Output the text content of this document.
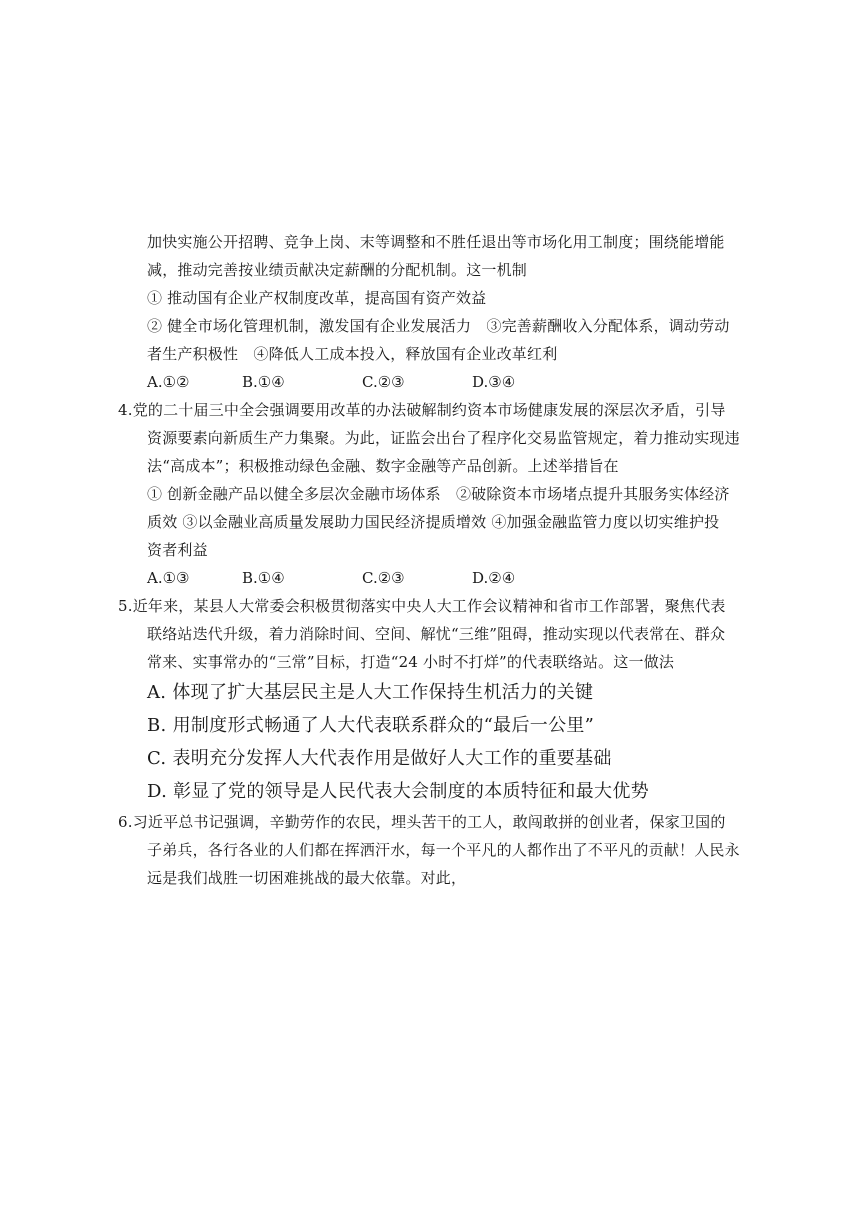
加快实施公开招聘、竞争上岗、末等调整和不胜任退出等市场化用工制度；围绕能增能
减，推动完善按业绩贡献决定薪酬的分配机制。这一机制
① 推动国有企业产权制度改革，提高国有资产效益
② 健全市场化管理机制，激发国有企业发展活力　③完善薪酬收入分配体系，调动劳动
者生产积极性　④降低人工成本投入，释放国有企业改革红利
A.①②	B.①④	C.②③	D.③④
4.党的二十届三中全会强调要用改革的办法破解制约资本市场健康发展的深层次矛盾，引导
资源要素向新质生产力集聚。为此，证监会出台了程序化交易监管规定，着力推动实现违
法“高成本”；积极推动绿色金融、数字金融等产品创新。上述举措旨在
① 创新金融产品以健全多层次金融市场体系　②破除资本市场堵点提升其服务实体经济
质效 ③以金融业高质量发展助力国民经济提质增效 ④加强金融监管力度以切实维护投
资者利益
A.①③	B.①④	C.②③	D.②④
5.近年来，某县人大常委会积极贯彻落实中央人大工作会议精神和省市工作部署，聚焦代表
联络站迭代升级，着力消除时间、空间、解忧“三维”阻碍，推动实现以代表常在、群众
常来、实事常办的“三常”目标，打造“24 小时不打烊”的代表联络站。这一做法
A. 体现了扩大基层民主是人大工作保持生机活力的关键
B. 用制度形式畅通了人大代表联系群众的“最后一公里”
C. 表明充分发挥人大代表作用是做好人大工作的重要基础
D. 彰显了党的领导是人民代表大会制度的本质特征和最大优势
6.习近平总书记强调，辛勤劳作的农民，埋头苦干的工人，敢闯敢拼的创业者，保家卫国的
子弟兵，各行各业的人们都在挥洒汗水，每一个平凡的人都作出了不平凡的贡献！人民永
远是我们战胜一切困难挑战的最大依靠。对此，
